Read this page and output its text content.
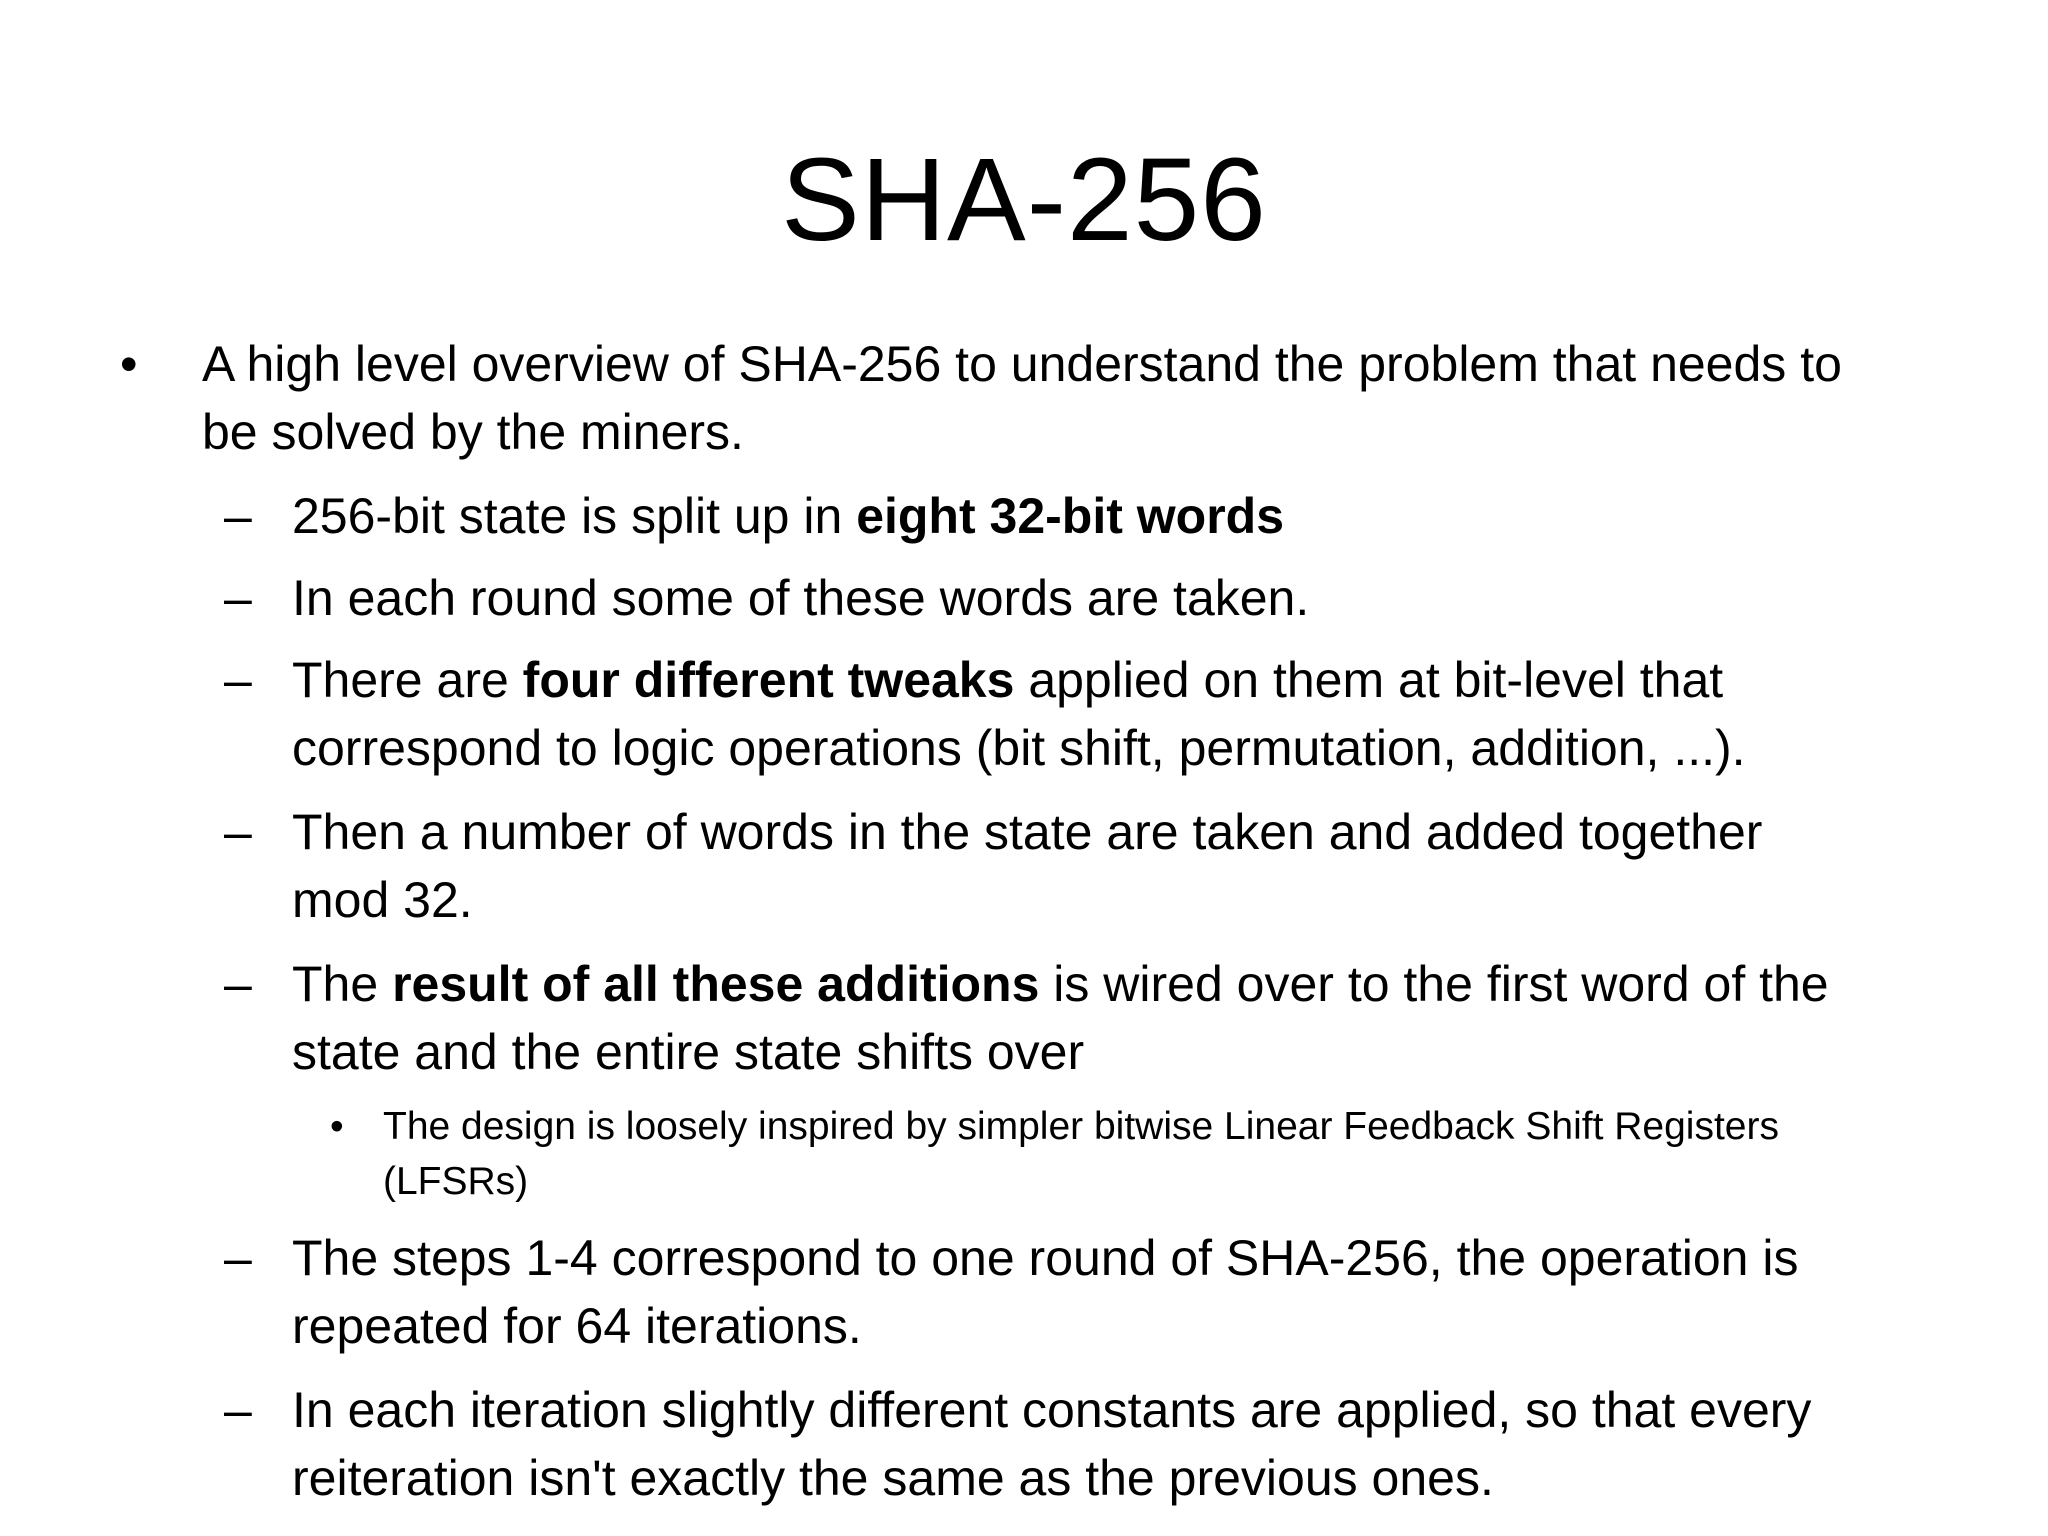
SHA-256
• A high level overview of SHA-256 to understand the problem that needs to
be solved by the miners.
– 256-bit state is split up in eight 32-bit words
– In each round some of these words are taken.
– There are four different tweaks applied on them at bit-level that
correspond to logic operations (bit shift, permutation, addition, ...).
– Then a number of words in the state are taken and added together
mod 32.
– The result of all these additions is wired over to the first word of the
state and the entire state shifts over
• The design is loosely inspired by simpler bitwise Linear Feedback Shift Registers
(LFSRs)
– The steps 1-4 correspond to one round of SHA-256, the operation is
repeated for 64 iterations.
– In each iteration slightly different constants are applied, so that every
reiteration isn't exactly the same as the previous ones.
